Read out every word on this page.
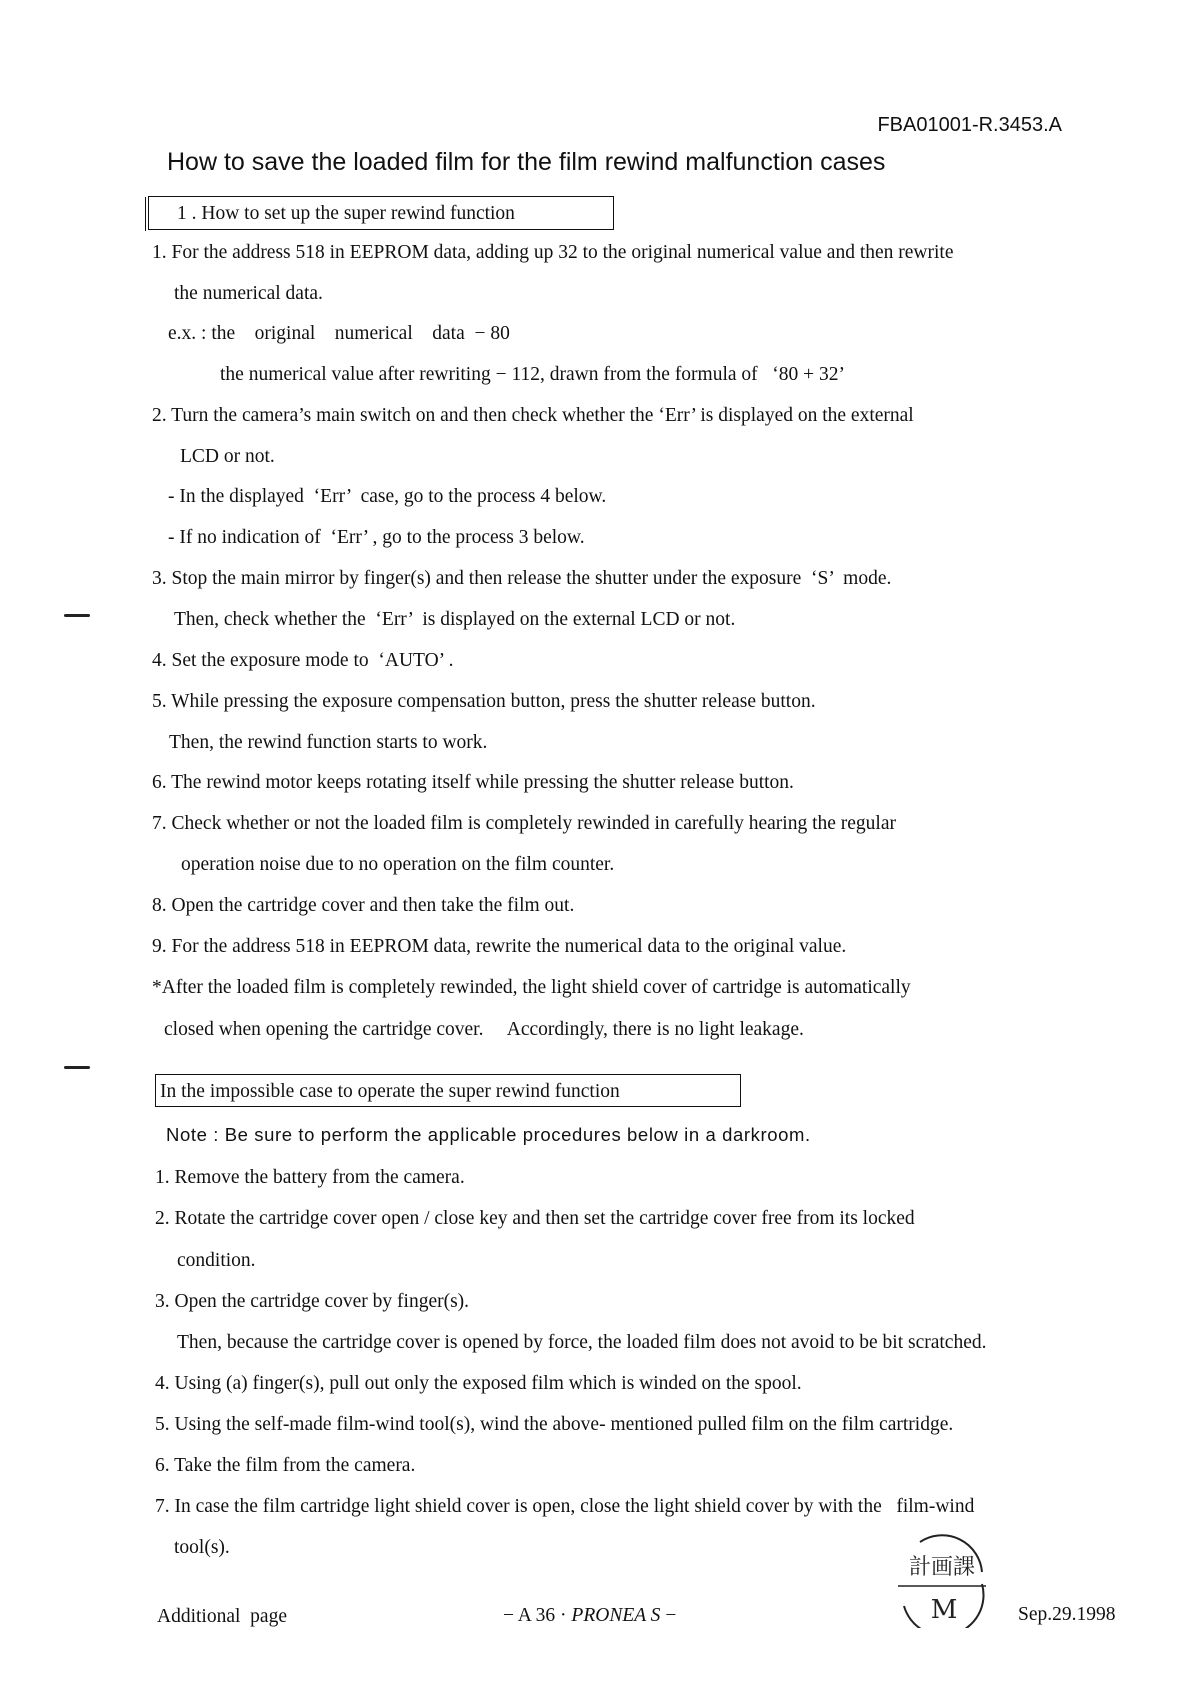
FBA01001-R.3453.A
How to save the loaded film for the film rewind malfunction cases
1 . How to set up the super rewind function
1. For the address 518 in EEPROM data, adding up 32 to the original numerical value and then rewrite
the numerical data.
e.x. : the    original    numerical    data  − 80
the numerical value after rewriting − 112, drawn from the formula of   ‘80 + 32’
2. Turn the camera’s main switch on and then check whether the ‘Err’ is displayed on the external
LCD or not.
- In the displayed  ‘Err’  case, go to the process 4 below.
- If no indication of  ‘Err’ , go to the process 3 below.
3. Stop the main mirror by finger(s) and then release the shutter under the exposure  ‘S’  mode.
Then, check whether the  ‘Err’  is displayed on the external LCD or not.
4. Set the exposure mode to  ‘AUTO’ .
5. While pressing the exposure compensation button, press the shutter release button.
Then, the rewind function starts to work.
6. The rewind motor keeps rotating itself while pressing the shutter release button.
7. Check whether or not the loaded film is completely rewinded in carefully hearing the regular
operation noise due to no operation on the film counter.
8. Open the cartridge cover and then take the film out.
9. For the address 518 in EEPROM data, rewrite the numerical data to the original value.
*After the loaded film is completely rewinded, the light shield cover of cartridge is automatically
closed when opening the cartridge cover.     Accordingly, there is no light leakage.
In the impossible case to operate the super rewind function
Note : Be sure to perform the applicable procedures below in a darkroom.
1. Remove the battery from the camera.
2. Rotate the cartridge cover open / close key and then set the cartridge cover free from its locked
condition.
3. Open the cartridge cover by finger(s).
Then, because the cartridge cover is opened by force, the loaded film does not avoid to be bit scratched.
4. Using (a) finger(s), pull out only the exposed film which is winded on the spool.
5. Using the self-made film-wind tool(s), wind the above- mentioned pulled film on the film cartridge.
6. Take the film from the camera.
7. In case the film cartridge light shield cover is open, close the light shield cover by with the   film-wind
tool(s).
計画課
M
Additional  page	− A 36 · PRONEA S −	Sep.29.1998
